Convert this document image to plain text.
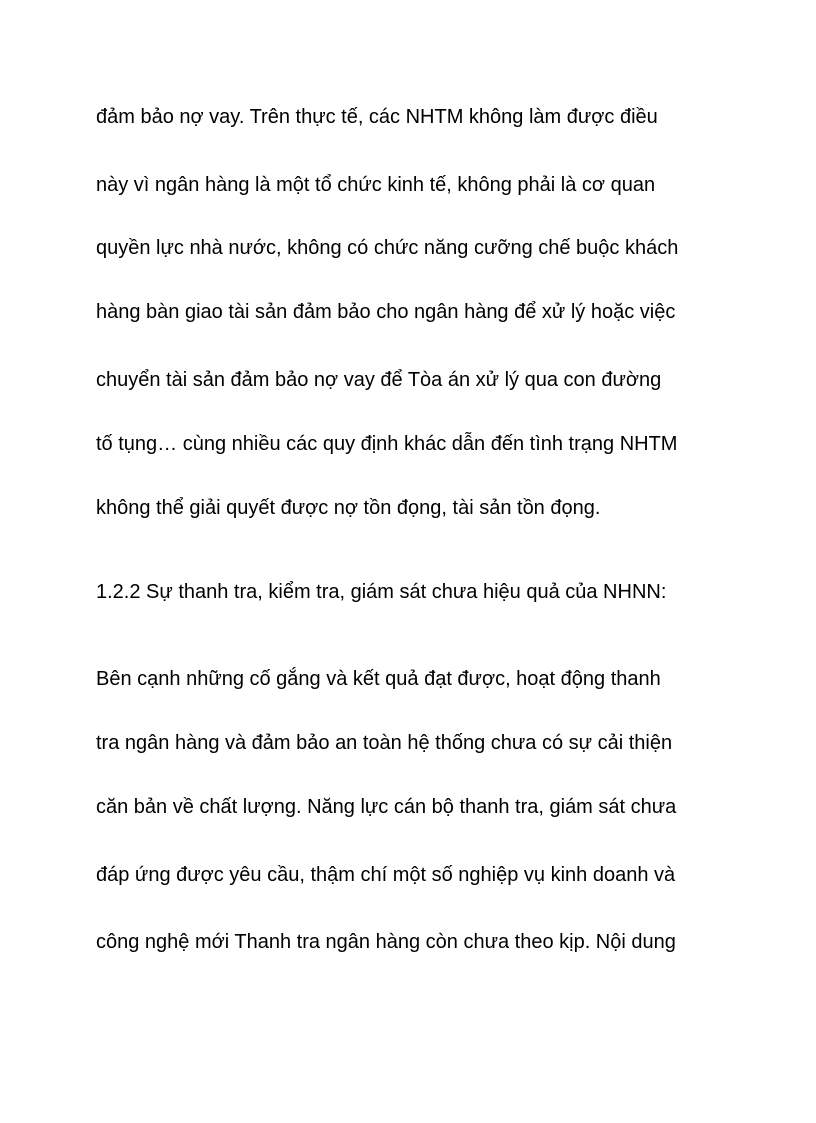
đảm bảo nợ vay. Trên thực tế, các NHTM không làm được điều

này vì ngân hàng là một tổ chức kinh tế, không phải là cơ quan

quyền lực nhà nước, không có chức năng cưỡng chế buộc khách

hàng bàn giao tài sản đảm bảo cho ngân hàng để xử lý hoặc việc

chuyển tài sản đảm bảo nợ vay để Tòa án xử lý qua con đường

tố tụng… cùng nhiều các quy định khác dẫn đến tình trạng NHTM

không thể giải quyết được nợ tồn đọng, tài sản tồn đọng.

1.2.2 Sự thanh tra, kiểm tra, giám sát chưa hiệu quả của NHNN:

Bên cạnh những cố gắng và kết quả đạt được, hoạt động thanh

tra ngân hàng và đảm bảo an toàn hệ thống chưa có sự cải thiện

căn bản về chất lượng. Năng lực cán bộ thanh tra, giám sát chưa

đáp ứng được yêu cầu, thậm chí một số nghiệp vụ kinh doanh và

công nghệ mới Thanh tra ngân hàng còn chưa theo kịp. Nội dung
